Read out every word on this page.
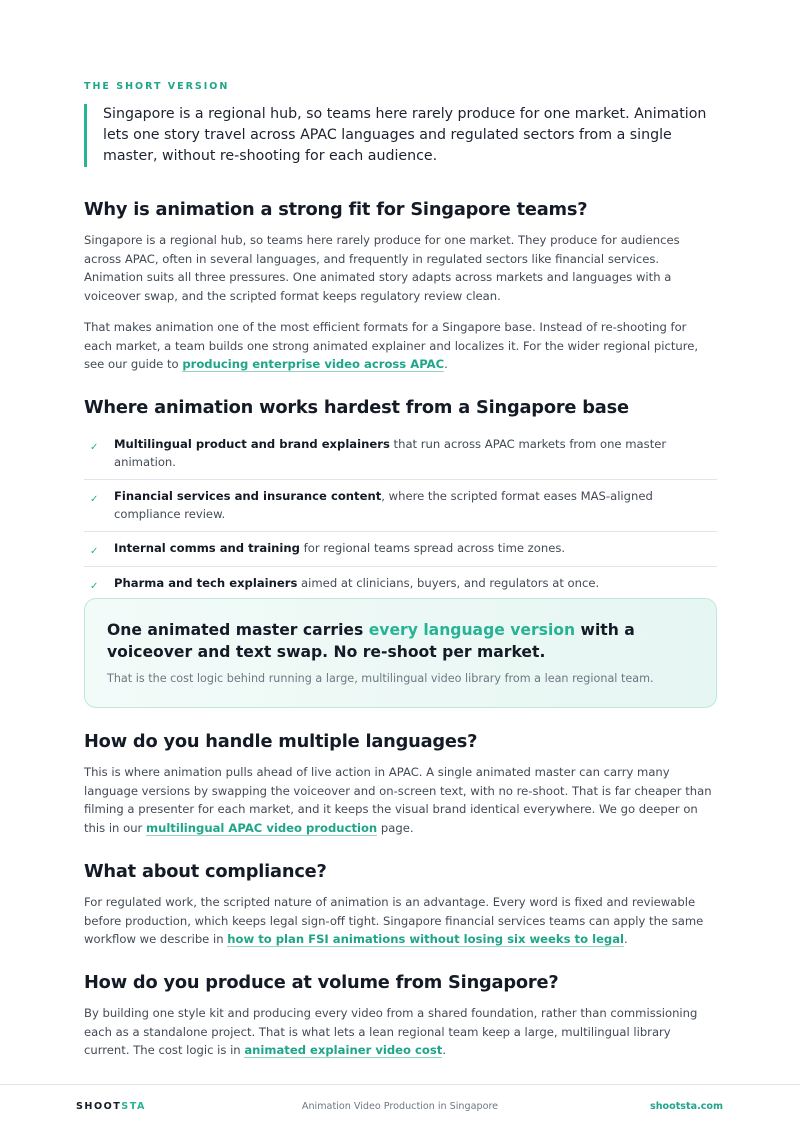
THE SHORT VERSION

Singapore is a regional hub, so teams here rarely produce for one market. Animation lets one story travel across APAC languages and regulated sectors from a single master, without re-shooting for each audience.

Why is animation a strong fit for Singapore teams?

Singapore is a regional hub, so teams here rarely produce for one market. They produce for audiences across APAC, often in several languages, and frequently in regulated sectors like financial services. Animation suits all three pressures. One animated story adapts across markets and languages with a voiceover swap, and the scripted format keeps regulatory review clean.

That makes animation one of the most efficient formats for a Singapore base. Instead of re-shooting for each market, a team builds one strong animated explainer and localizes it. For the wider regional picture, see our guide to producing enterprise video across APAC.

Where animation works hardest from a Singapore base
✓ Multilingual product and brand explainers that run across APAC markets from one master animation.
✓ Financial services and insurance content, where the scripted format eases MAS-aligned compliance review.
✓ Internal comms and training for regional teams spread across time zones.
✓ Pharma and tech explainers aimed at clinicians, buyers, and regulators at once.
One animated master carries every language version with a voiceover and text swap. No re-shoot per market.
That is the cost logic behind running a large, multilingual video library from a lean regional team.
How do you handle multiple languages?

This is where animation pulls ahead of live action in APAC. A single animated master can carry many language versions by swapping the voiceover and on-screen text, with no re-shoot. That is far cheaper than filming a presenter for each market, and it keeps the visual brand identical everywhere. We go deeper on this in our multilingual APAC video production page.

What about compliance?

For regulated work, the scripted nature of animation is an advantage. Every word is fixed and reviewable before production, which keeps legal sign-off tight. Singapore financial services teams can apply the same workflow we describe in how to plan FSI animations without losing six weeks to legal.

How do you produce at volume from Singapore?

By building one style kit and producing every video from a shared foundation, rather than commissioning each as a standalone project. That is what lets a lean regional team keep a large, multilingual library current. The cost logic is in animated explainer video cost.

SHOOTSTA	Animation Video Production in Singapore	shootsta.com
